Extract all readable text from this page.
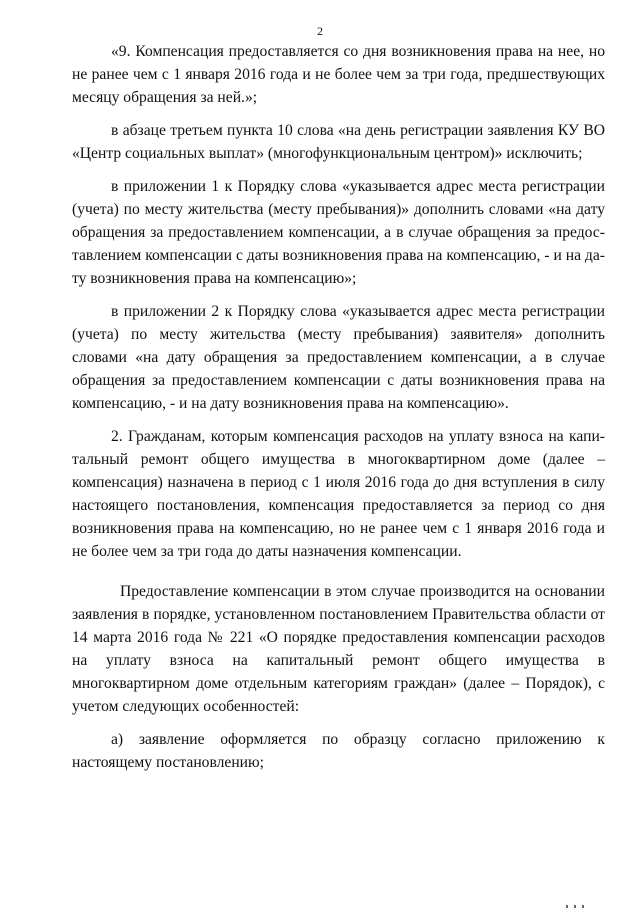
2

«9. Компенсация предоставляется со дня возникновения права на нее, но не ранее чем с 1 января 2016 года и не более чем за три года, предшествующих месяцу обращения за ней.»;

в абзаце третьем пункта 10 слова «на день регистрации заявления КУ ВО «Центр социальных выплат» (многофункциональным центром)» исключить;

в приложении 1 к Порядку слова «указывается адрес места регистрации (учета) по месту жительства (месту пребывания)» дополнить словами «на дату обращения за предоставлением компенсации, а в случае обращения за предоставлением компенсации с даты возникновения права на компенсацию, - и на дату возникновения права на компенсацию»;

в приложении 2 к Порядку слова «указывается адрес места регистрации (учета) по месту жительства (месту пребывания) заявителя» дополнить словами «на дату обращения за предоставлением компенсации, а в случае обращения за предоставлением компенсации с даты возникновения права на компенсацию, - и на дату возникновения права на компенсацию».

2. Гражданам, которым компенсация расходов на уплату взноса на капитальный ремонт общего имущества в многоквартирном доме (далее – компенсация) назначена в период с 1 июля 2016 года до дня вступления в силу настоящего постановления, компенсация предоставляется за период со дня возникновения права на компенсацию, но не ранее чем с 1 января 2016 года и не более чем за три года до даты назначения компенсации.

Предоставление компенсации в этом случае производится на основании заявления в порядке, установленном постановлением Правительства области от 14 марта 2016 года № 221 «О порядке предоставления компенсации расходов на уплату взноса на капитальный ремонт общего имущества в многоквартирном доме отдельным категориям граждан» (далее – Порядок), с учетом следующих особенностей:

а) заявление оформляется по образцу согласно приложению к настоящему постановлению;
